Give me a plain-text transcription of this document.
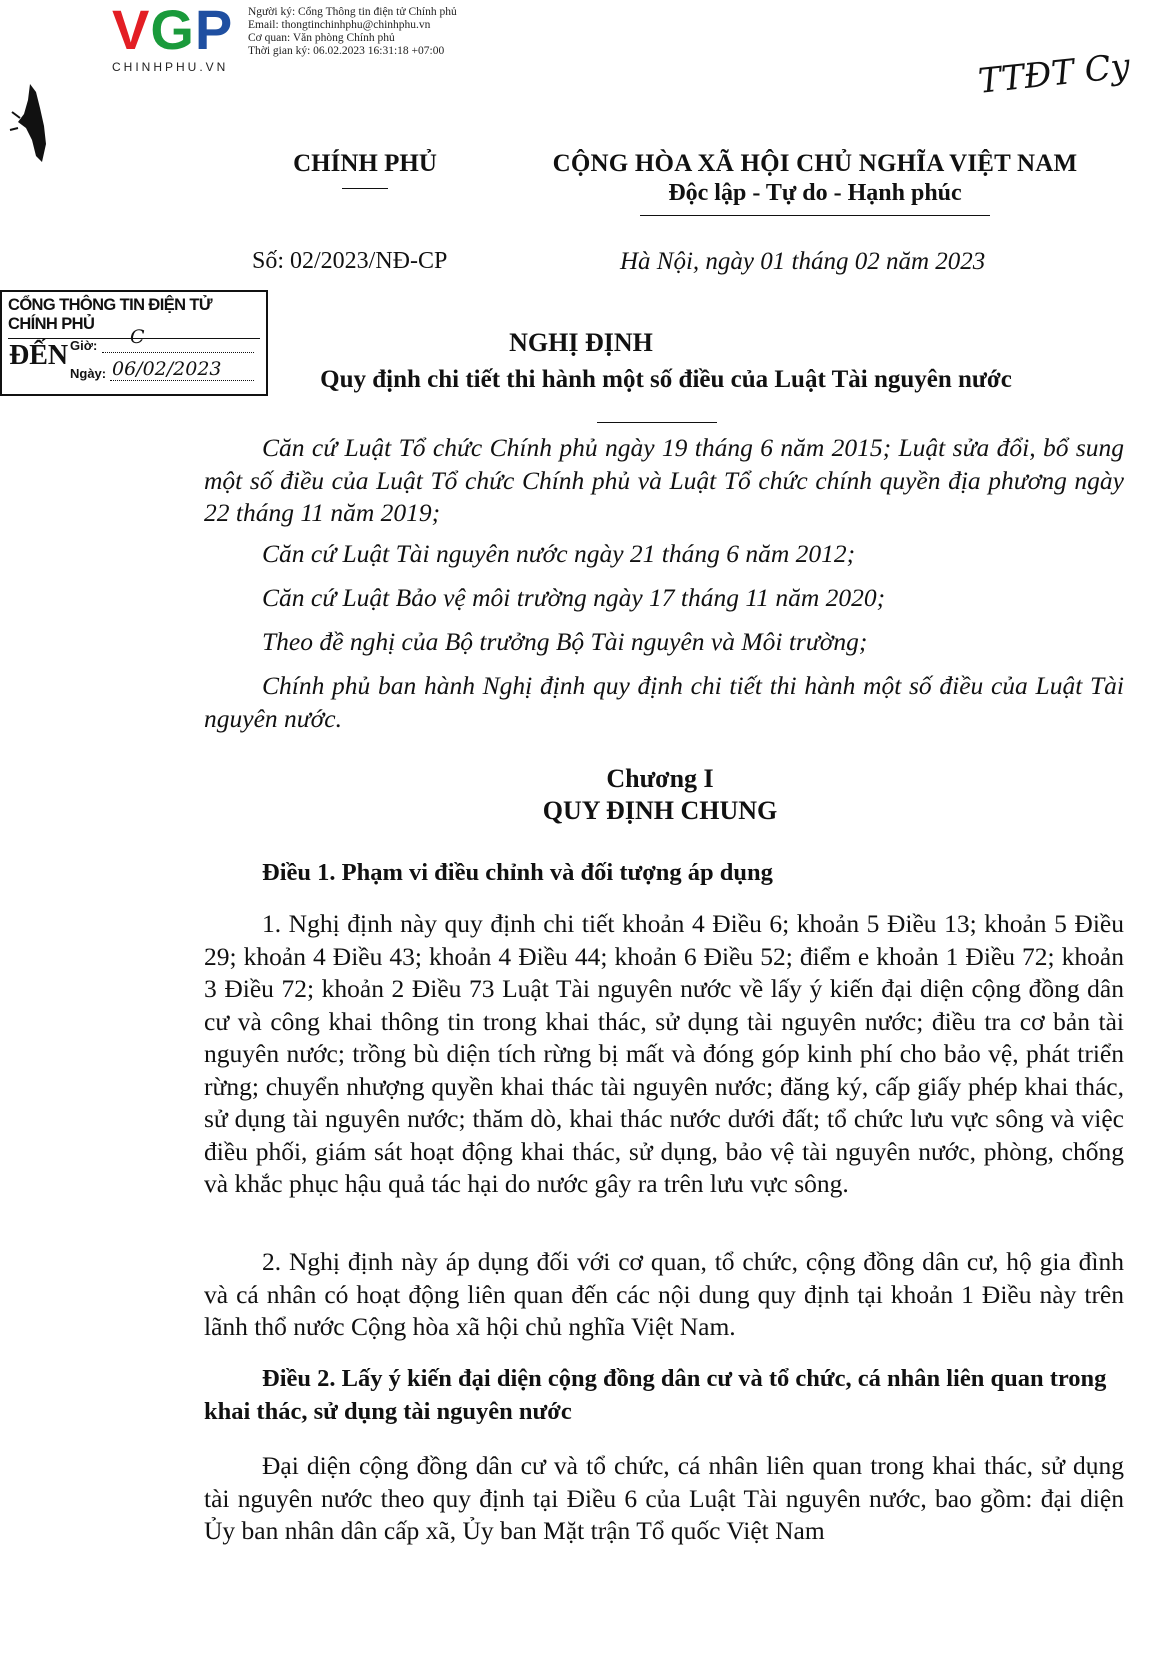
VGP
CHINHPHU.VN
Người ký: Cổng Thông tin điện tử Chính phủ
Email: thongtinchinhphu@chinhphu.vn
Cơ quan: Văn phòng Chính phủ
Thời gian ký: 06.02.2023 16:31:18 +07:00	TTĐT Cy
CHÍNH PHỦ	CỘNG HÒA XÃ HỘI CHỦ NGHĨA VIỆT NAM
Độc lập - Tự do - Hạnh phúc
Số: 02/2023/NĐ-CP	Hà Nội, ngày 01 tháng 02 năm 2023
CỔNG THÔNG TIN ĐIỆN TỬ CHÍNH PHỦ
ĐẾN Giờ: C
Ngày: 06/02/2023
NGHỊ ĐỊNH
Quy định chi tiết thi hành một số điều của Luật Tài nguyên nước
Căn cứ Luật Tổ chức Chính phủ ngày 19 tháng 6 năm 2015; Luật sửa đổi, bổ sung một số điều của Luật Tổ chức Chính phủ và Luật Tổ chức chính quyền địa phương ngày 22 tháng 11 năm 2019;
Căn cứ Luật Tài nguyên nước ngày 21 tháng 6 năm 2012;
Căn cứ Luật Bảo vệ môi trường ngày 17 tháng 11 năm 2020;
Theo đề nghị của Bộ trưởng Bộ Tài nguyên và Môi trường;
Chính phủ ban hành Nghị định quy định chi tiết thi hành một số điều của Luật Tài nguyên nước.
Chương I
QUY ĐỊNH CHUNG
Điều 1. Phạm vi điều chỉnh và đối tượng áp dụng
1. Nghị định này quy định chi tiết khoản 4 Điều 6; khoản 5 Điều 13; khoản 5 Điều 29; khoản 4 Điều 43; khoản 4 Điều 44; khoản 6 Điều 52; điểm e khoản 1 Điều 72; khoản 3 Điều 72; khoản 2 Điều 73 Luật Tài nguyên nước về lấy ý kiến đại diện cộng đồng dân cư và công khai thông tin trong khai thác, sử dụng tài nguyên nước; điều tra cơ bản tài nguyên nước; trồng bù diện tích rừng bị mất và đóng góp kinh phí cho bảo vệ, phát triển rừng; chuyển nhượng quyền khai thác tài nguyên nước; đăng ký, cấp giấy phép khai thác, sử dụng tài nguyên nước; thăm dò, khai thác nước dưới đất; tổ chức lưu vực sông và việc điều phối, giám sát hoạt động khai thác, sử dụng, bảo vệ tài nguyên nước, phòng, chống và khắc phục hậu quả tác hại do nước gây ra trên lưu vực sông.
2. Nghị định này áp dụng đối với cơ quan, tổ chức, cộng đồng dân cư, hộ gia đình và cá nhân có hoạt động liên quan đến các nội dung quy định tại khoản 1 Điều này trên lãnh thổ nước Cộng hòa xã hội chủ nghĩa Việt Nam.
Điều 2. Lấy ý kiến đại diện cộng đồng dân cư và tổ chức, cá nhân liên quan trong khai thác, sử dụng tài nguyên nước
Đại diện cộng đồng dân cư và tổ chức, cá nhân liên quan trong khai thác, sử dụng tài nguyên nước theo quy định tại Điều 6 của Luật Tài nguyên nước, bao gồm: đại diện Ủy ban nhân dân cấp xã, Ủy ban Mặt trận Tổ quốc Việt Nam
